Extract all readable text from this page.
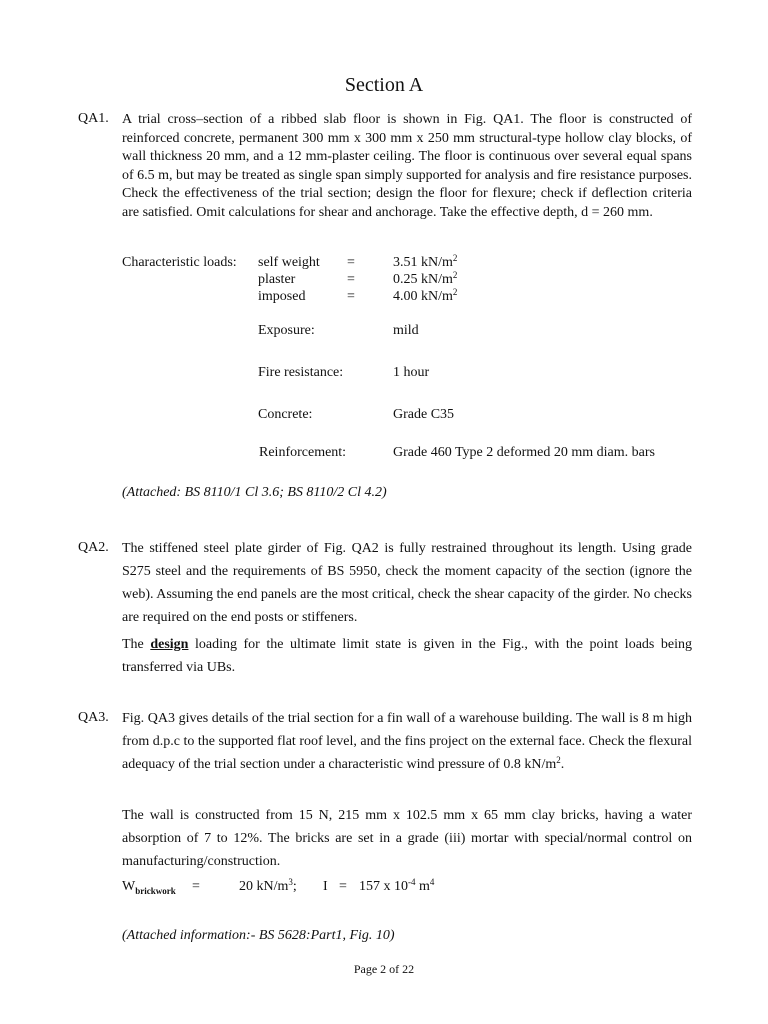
Section A
QA1. A trial cross–section of a ribbed slab floor is shown in Fig. QA1. The floor is constructed of reinforced concrete, permanent 300 mm x 300 mm x 250 mm structural-type hollow clay blocks, of wall thickness 20 mm, and a 12 mm-plaster ceiling. The floor is continuous over several equal spans of 6.5 m, but may be treated as single span simply supported for analysis and fire resistance purposes. Check the effectiveness of the trial section; design the floor for flexure; check if deflection criteria are satisfied. Omit calculations for shear and anchorage. Take the effective depth, d = 260 mm.
Characteristic loads: self weight =	3.51 $kN/m^2$
plaster	=	0.25 $kN/m^2$
imposed	=	4.00 $kN/m^2$
Exposure:	mild
Fire resistance:	1 hour
Concrete:	Grade C35
Reinforcement:	Grade 460 Type 2 deformed 20 mm diam. bars
(Attached: BS 8110/1 Cl 3.6; BS 8110/2 Cl 4.2)
QA2. The stiffened steel plate girder of Fig. QA2 is fully restrained throughout its length. Using grade S275 steel and the requirements of BS 5950, check the moment capacity of the section (ignore the web). Assuming the end panels are the most critical, check the shear capacity of the girder. No checks are required on the end posts or stiffeners.
The design loading for the ultimate limit state is given in the Fig., with the point loads being transferred via UBs.
QA3. Fig. QA3 gives details of the trial section for a fin wall of a warehouse building. The wall is 8 m high from d.p.c to the supported flat roof level, and the fins project on the external face. Check the flexural adequacy of the trial section under a characteristic wind pressure of 0.8 $kN/m^2$.
The wall is constructed from 15 N, 215 mm x 102.5 mm x 65 mm clay bricks, having a water absorption of 7 to 12%. The bricks are set in a grade (iii) mortar with special/normal control on manufacturing/construction.
$W_{brickwork}$ =	20 $kN/m^3$; I = 157 x $10^{-4}$ $m^4$
(Attached information:- BS 5628:Part1, Fig. 10)
Page 2 of 22
